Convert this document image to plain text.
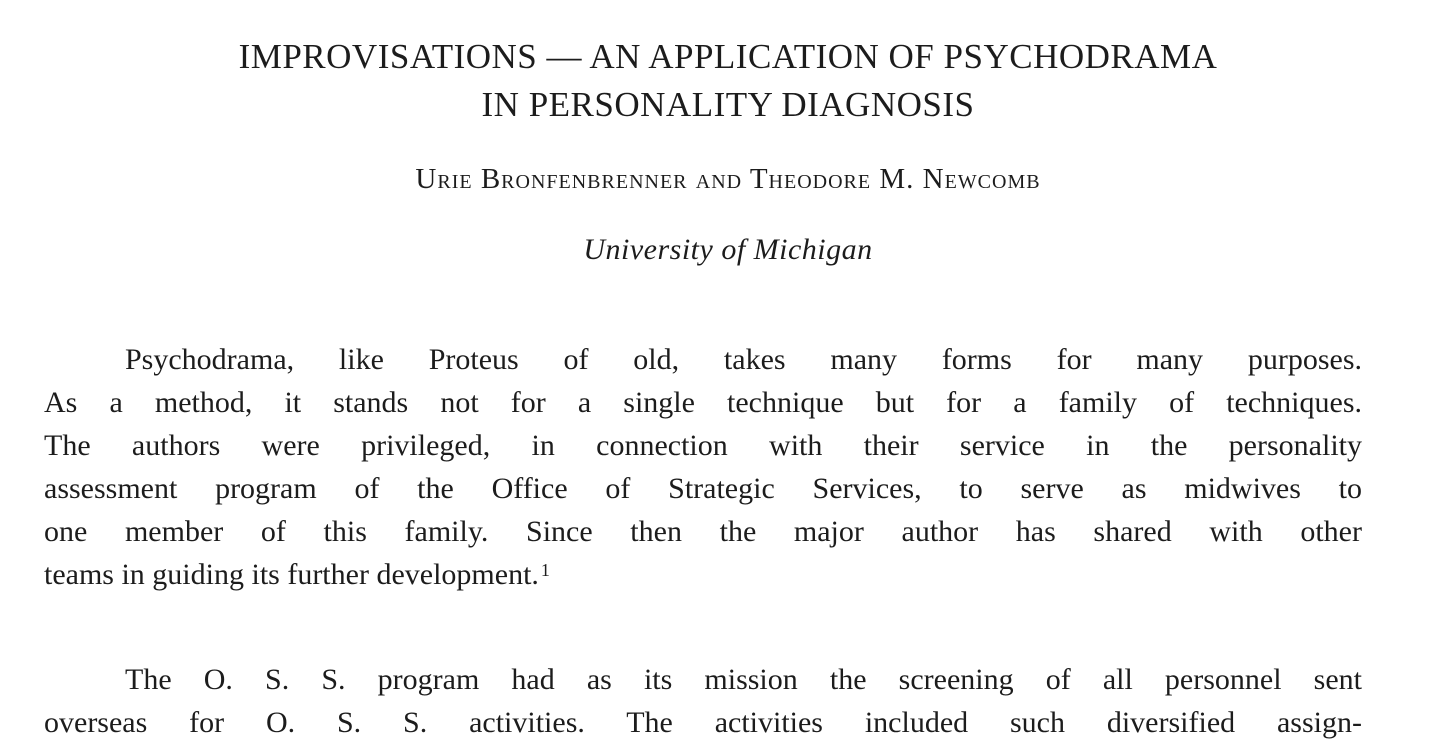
IMPROVISATIONS — AN APPLICATION OF PSYCHODRAMA
IN PERSONALITY DIAGNOSIS
Urie Bronfenbrenner and Theodore M. Newcomb
University of Michigan
Psychodrama, like Proteus of old, takes many forms for many purposes.
As a method, it stands not for a single technique but for a family of techniques.
The authors were privileged, in connection with their service in the personality
assessment program of the Office of Strategic Services, to serve as midwives to
one member of this family. Since then the major author has shared with other
teams in guiding its further development. $^1$
The O. S. S. program had as its mission the screening of all personnel sent
overseas for O. S. S. activities. The activities included such diversified assign-
